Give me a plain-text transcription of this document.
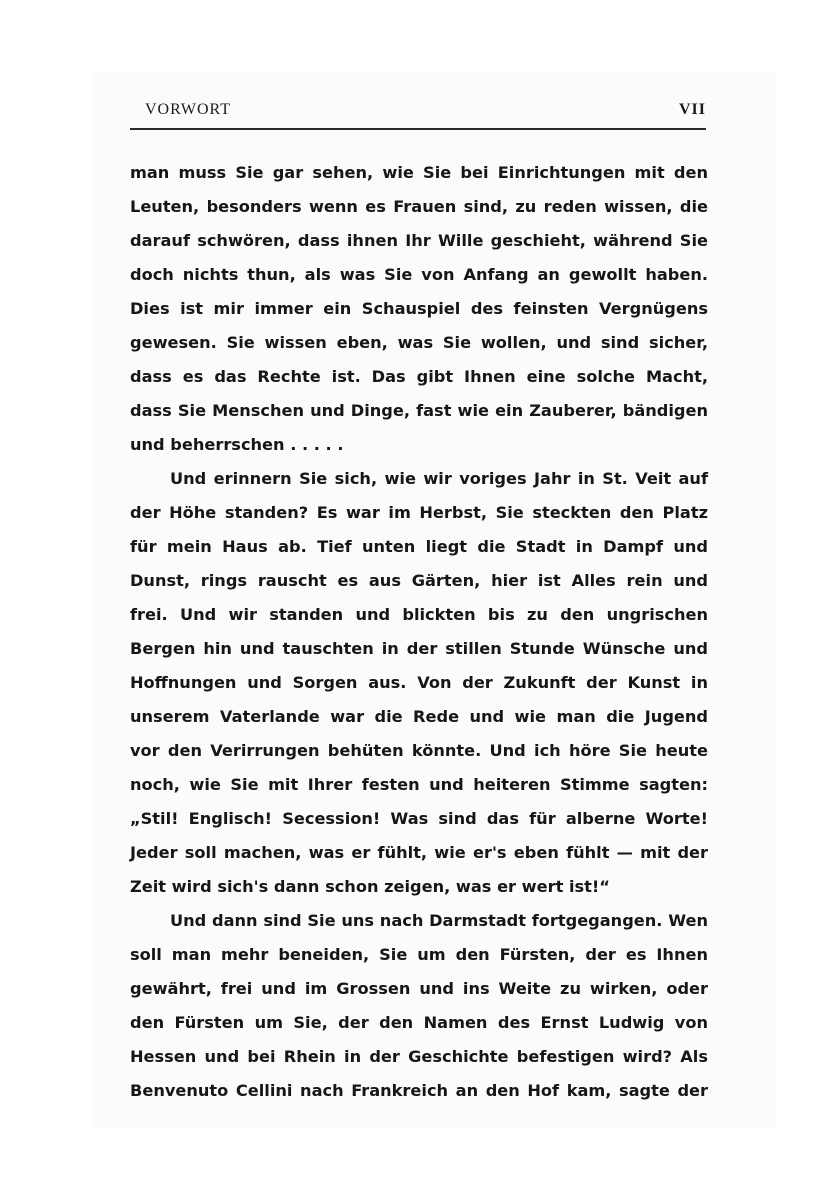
VORWORT	VII
man muss Sie gar sehen, wie Sie bei Einrichtungen mit den
Leuten, besonders wenn es Frauen sind, zu reden wissen, die
darauf schwören, dass ihnen Ihr Wille geschieht, während Sie
doch nichts thun, als was Sie von Anfang an gewollt haben.
Dies ist mir immer ein Schauspiel des feinsten Vergnügens
gewesen. Sie wissen eben, was Sie wollen, und sind sicher,
dass es das Rechte ist. Das gibt Ihnen eine solche Macht,
dass Sie Menschen und Dinge, fast wie ein Zauberer, bändigen
und beherrschen . . . . .
Und erinnern Sie sich, wie wir voriges Jahr in St. Veit auf
der Höhe standen? Es war im Herbst, Sie steckten den Platz
für mein Haus ab. Tief unten liegt die Stadt in Dampf und
Dunst, rings rauscht es aus Gärten, hier ist Alles rein und
frei. Und wir standen und blickten bis zu den ungrischen
Bergen hin und tauschten in der stillen Stunde Wünsche und
Hoffnungen und Sorgen aus. Von der Zukunft der Kunst in
unserem Vaterlande war die Rede und wie man die Jugend
vor den Verirrungen behüten könnte. Und ich höre Sie heute
noch, wie Sie mit Ihrer festen und heiteren Stimme sagten:
„Stil! Englisch! Secession! Was sind das für alberne Worte!
Jeder soll machen, was er fühlt, wie er's eben fühlt — mit der
Zeit wird sich's dann schon zeigen, was er wert ist!“
Und dann sind Sie uns nach Darmstadt fortgegangen. Wen
soll man mehr beneiden, Sie um den Fürsten, der es Ihnen
gewährt, frei und im Grossen und ins Weite zu wirken, oder
den Fürsten um Sie, der den Namen des Ernst Ludwig von
Hessen und bei Rhein in der Geschichte befestigen wird? Als
Benvenuto Cellini nach Frankreich an den Hof kam, sagte der
